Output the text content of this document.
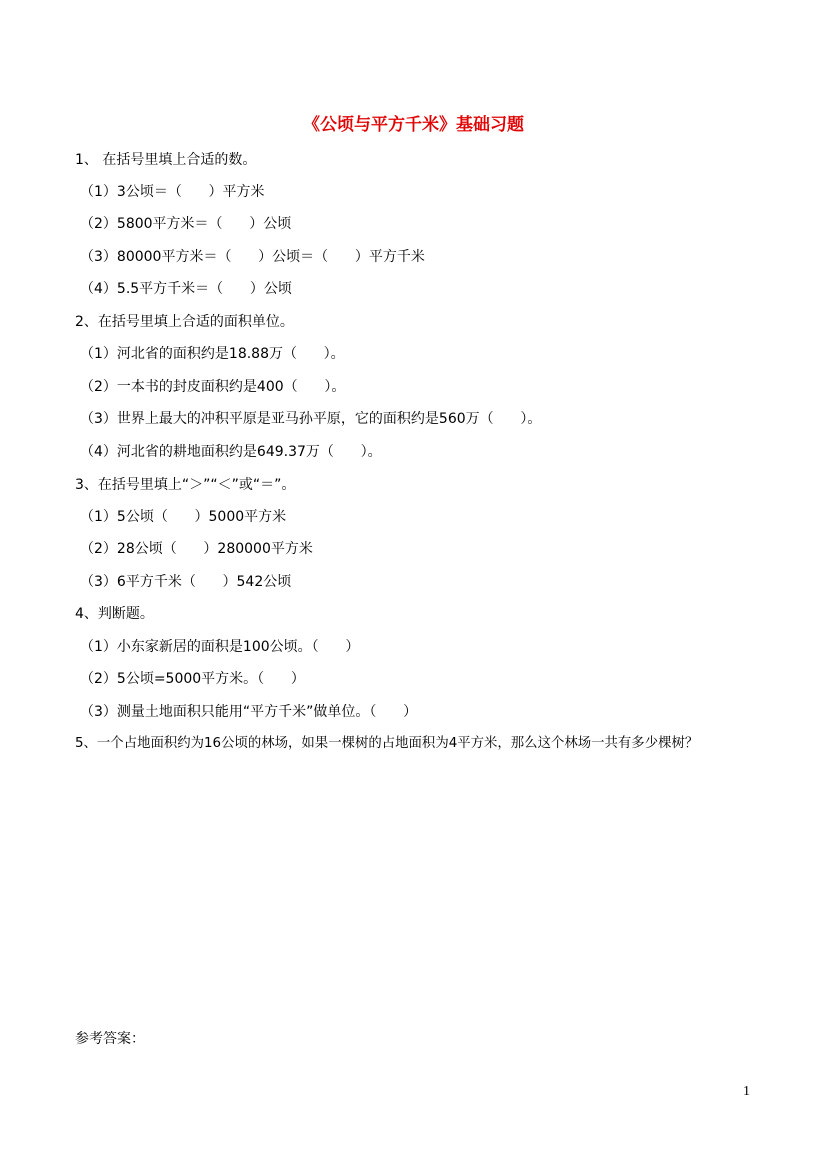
《公顷与平方千米》基础习题
1、 在括号里填上合适的数。
（1）3公顷＝（      ）平方米
（2）5800平方米＝（      ）公顷
（3）80000平方米＝（      ）公顷＝（      ）平方千米
（4）5.5平方千米＝（      ）公顷
2、在括号里填上合适的面积单位。
（1）河北省的面积约是18.88万（      ）。
（2）一本书的封皮面积约是400（      ）。
（3）世界上最大的冲积平原是亚马孙平原，它的面积约是560万（      ）。
（4）河北省的耕地面积约是649.37万（      ）。
3、在括号里填上“＞”“＜”或“＝”。
（1）5公顷（      ）5000平方米
（2）28公顷（      ）280000平方米
（3）6平方千米（      ）542公顷
4、判断题。
（1）小东家新居的面积是100公顷。（      ）
（2）5公顷=5000平方米。（      ）
（3）测量土地面积只能用“平方千米”做单位。（      ）
5、一个占地面积约为16公顷的林场，如果一棵树的占地面积为4平方米，那么这个林场一共有多少棵树？
参考答案：
1
